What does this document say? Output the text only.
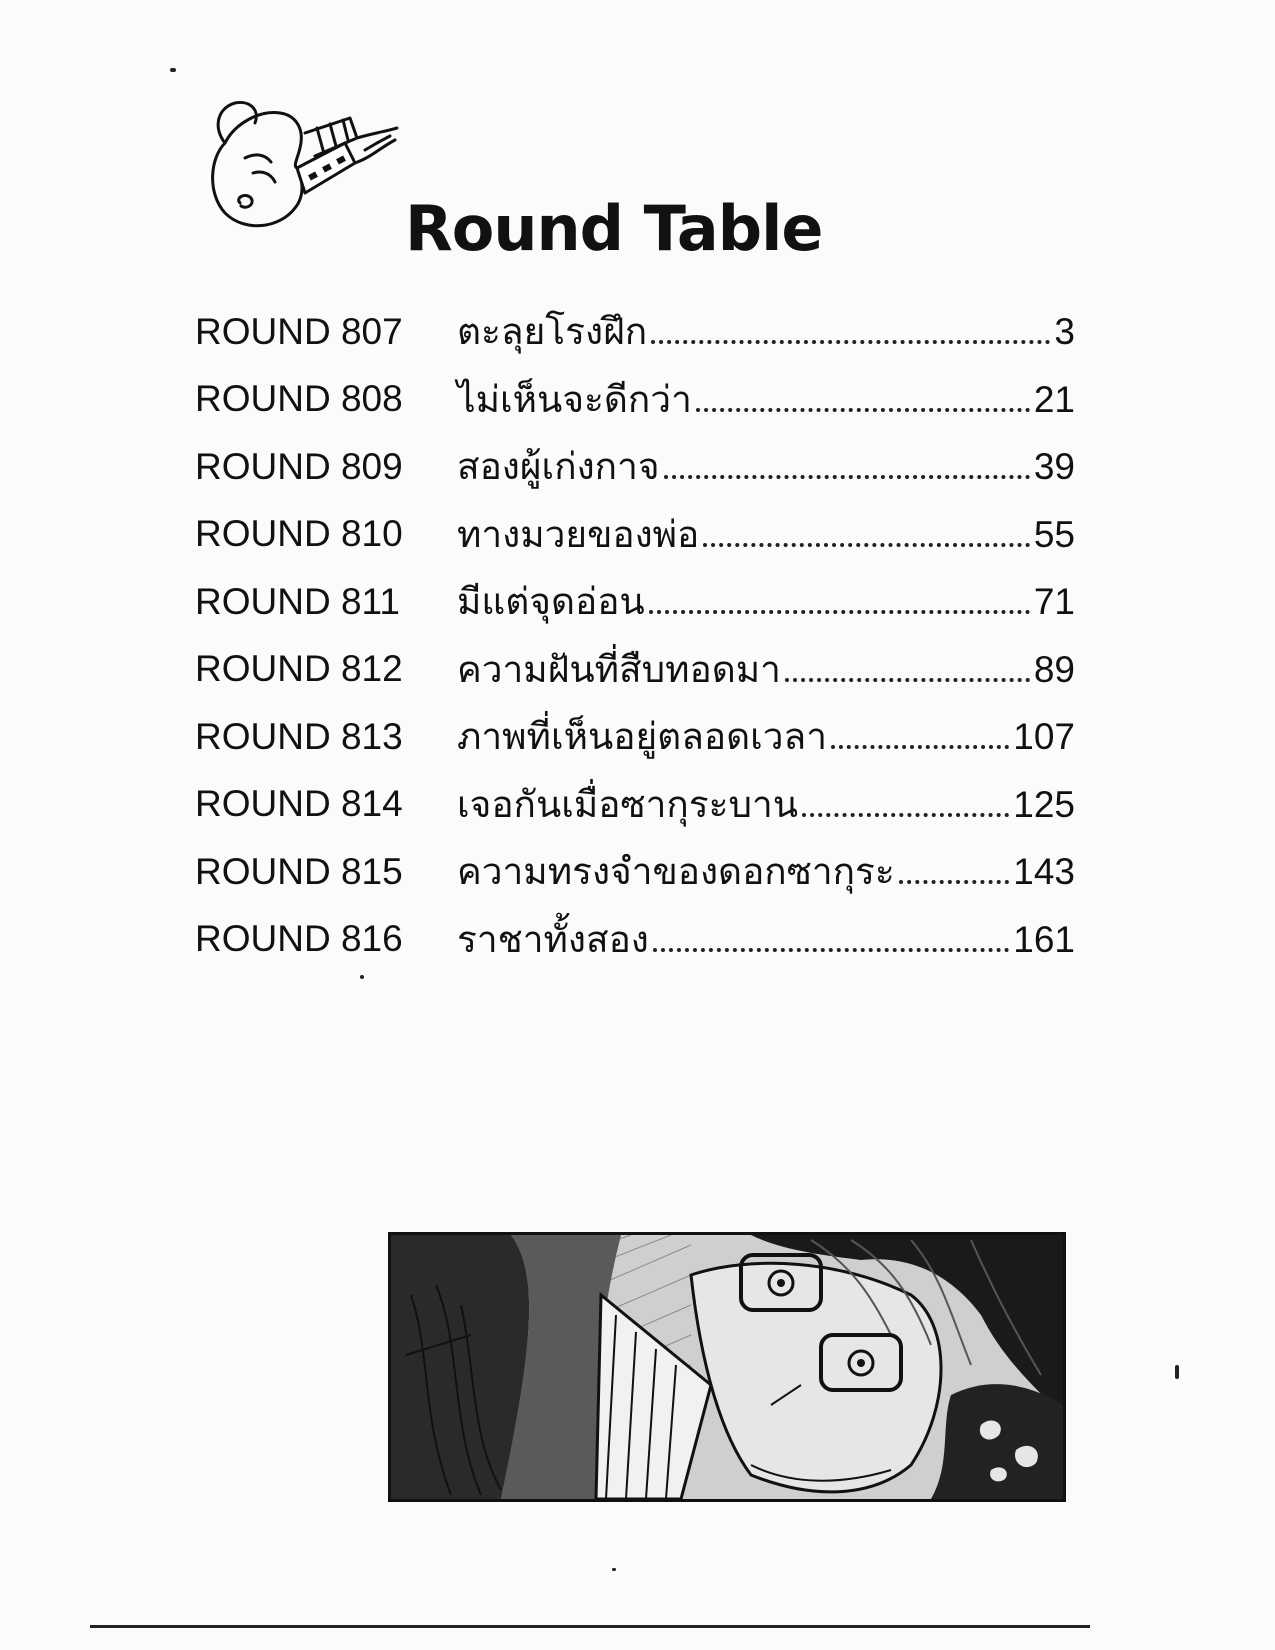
Round Table
ROUND 807	ตะลุยโรงฝึก	3
ROUND 808	ไม่เห็นจะดีกว่า	21
ROUND 809	สองผู้เก่งกาจ	39
ROUND 810	ทางมวยของพ่อ	55
ROUND 811	มีแต่จุดอ่อน	71
ROUND 812	ความฝันที่สืบทอดมา	89
ROUND 813	ภาพที่เห็นอยู่ตลอดเวลา	107
ROUND 814	เจอกันเมื่อซากุระบาน	125
ROUND 815	ความทรงจำของดอกซากุระ	143
ROUND 816	ราชาทั้งสอง	161
